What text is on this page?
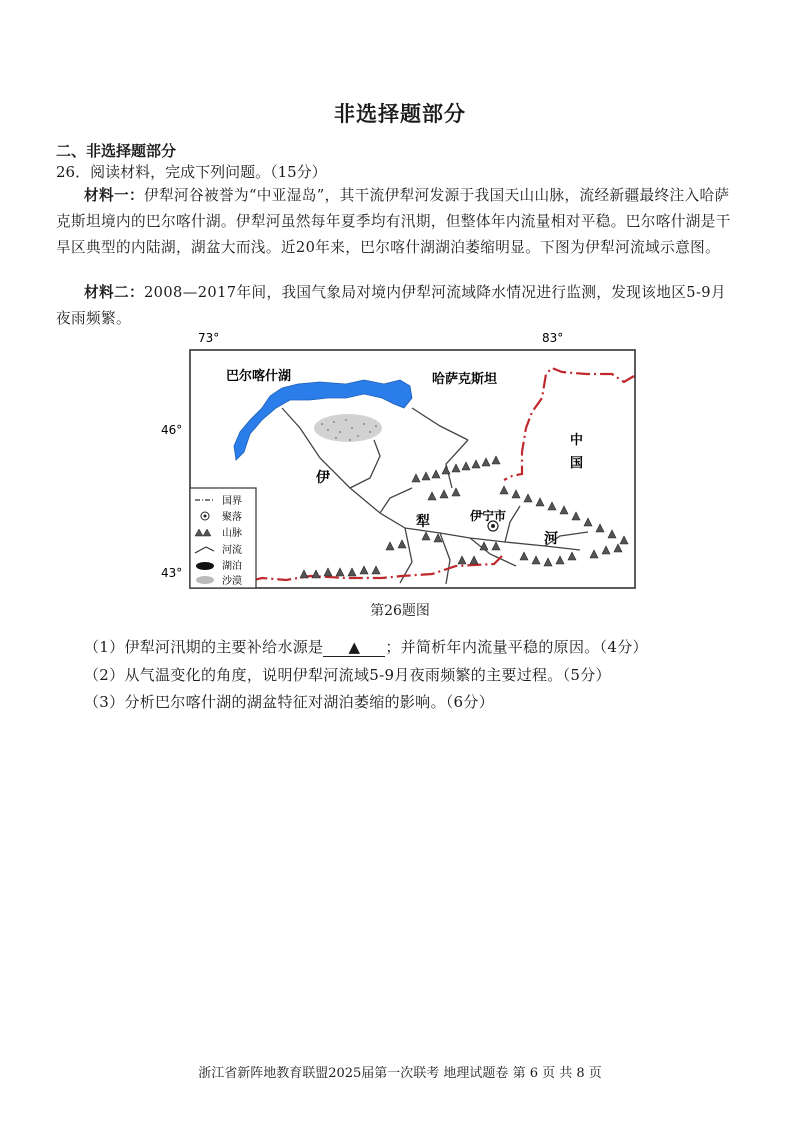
非选择题部分
二、非选择题部分
26．阅读材料，完成下列问题。（15分）

材料一：伊犁河谷被誉为“中亚湿岛”，其干流伊犁河发源于我国天山山脉，流经新疆最终注入哈萨克斯坦境内的巴尔喀什湖。伊犁河虽然每年夏季均有汛期，但整体年内流量相对平稳。巴尔喀什湖是干旱区典型的内陆湖，湖盆大而浅。近20年来，巴尔喀什湖湖泊萎缩明显。下图为伊犁河流域示意图。

材料二：2008—2017年间，我国气象局对境内伊犁河流域降水情况进行监测，发现该地区5-9月夜雨频繁。

73°	83°
46°
43°
巴尔喀什湖	哈萨克斯坦
中
国
伊
犁
河
伊宁市
国界
聚落
山脉
河流
湖泊
沙漠
第26题图
（1）伊犁河汛期的主要补给水源是 ▲ ；并简析年内流量平稳的原因。（4分）
（2）从气温变化的角度，说明伊犁河流域5-9月夜雨频繁的主要过程。（5分）
（3）分析巴尔喀什湖的湖盆特征对湖泊萎缩的影响。（6分）
浙江省新阵地教育联盟2025届第一次联考 地理试题卷 第 6 页 共 8 页
